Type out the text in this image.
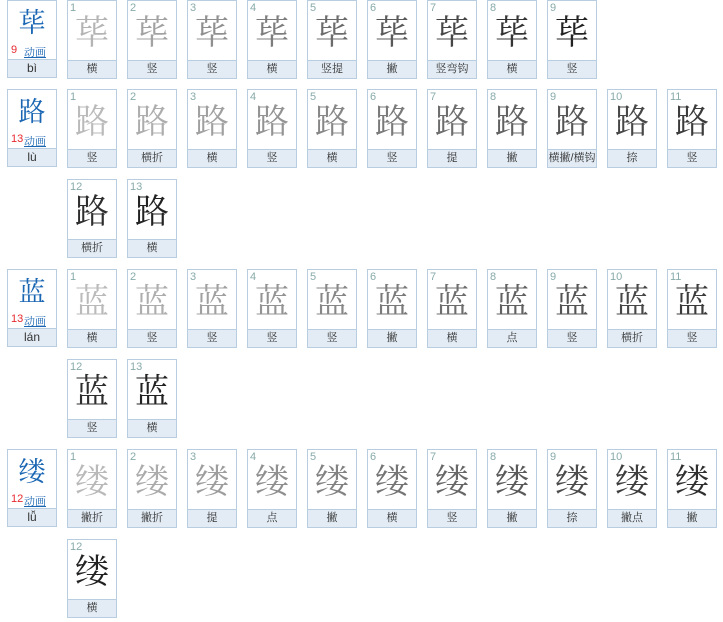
荜
9 动画
bì
1
荜
横
2
荜
竖
3
荜
竖
4
荜
横
5
荜
竖提
6
荜
撇
7
荜
竖弯钩
8
荜
横
9
荜
竖
路
13 动画
lù
1
路
竖
2
路
横折
3
路
横
4
路
竖
5
路
横
6
路
竖
7
路
提
8
路
撇
9
路
横撇/横钩
10
路
捺
11
路
竖
12
路
横折
13
路
横
蓝
13 动画
lán
1
蓝
横
2
蓝
竖
3
蓝
竖
4
蓝
竖
5
蓝
竖
6
蓝
撇
7
蓝
横
8
蓝
点
9
蓝
竖
10
蓝
横折
11
蓝
竖
12
蓝
竖
13
蓝
横
缕
12 动画
lǚ
1
缕
撇折
2
缕
撇折
3
缕
提
4
缕
点
5
缕
撇
6
缕
横
7
缕
竖
8
缕
撇
9
缕
捺
10
缕
撇点
11
缕
撇
12
缕
横
